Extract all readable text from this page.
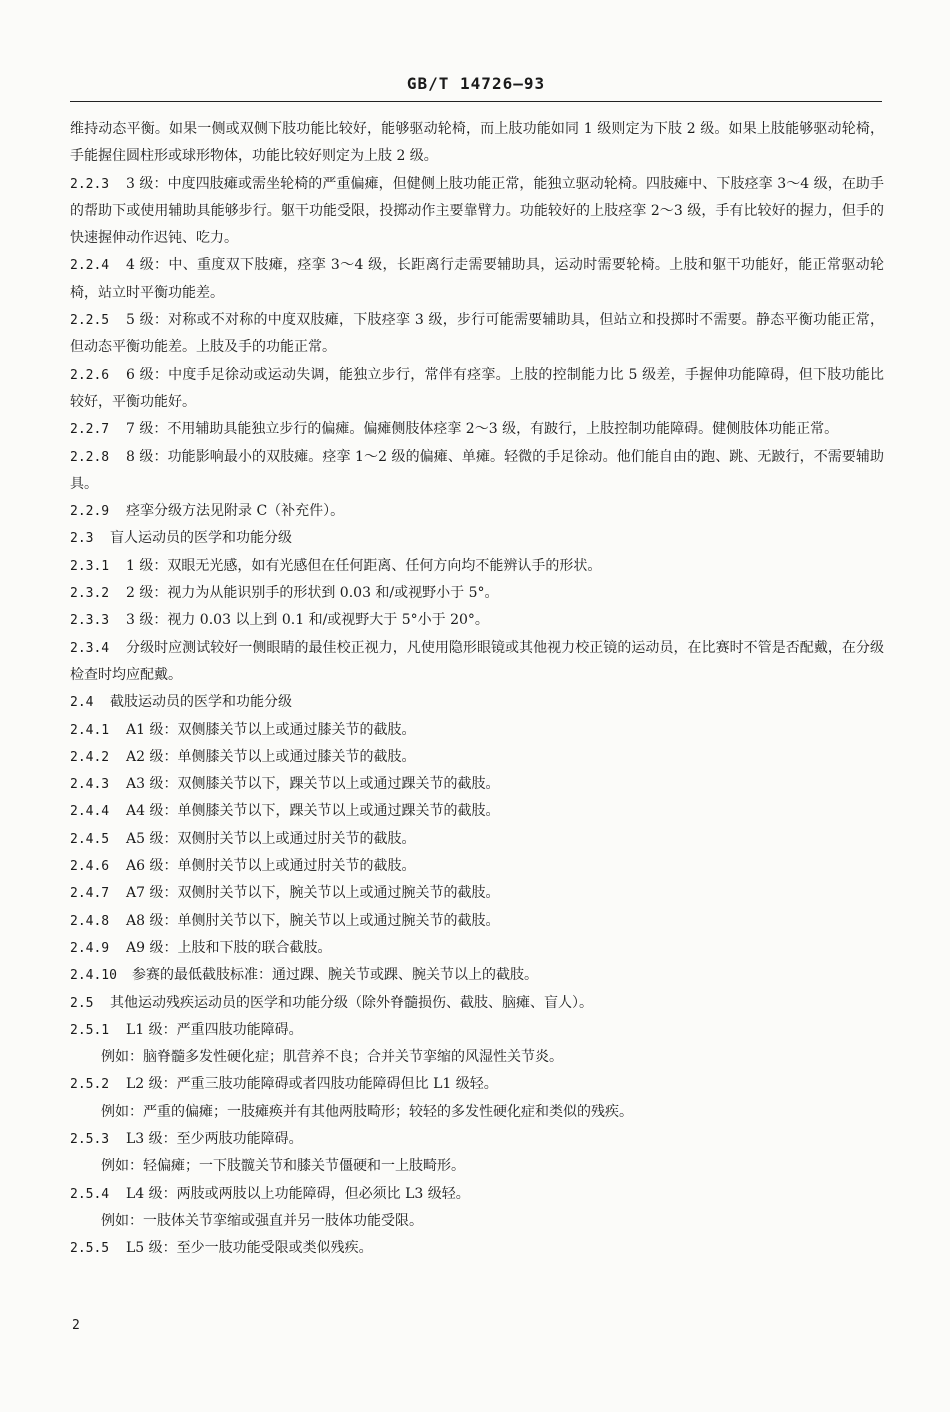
GB/T 14726—93
维持动态平衡。如果一侧或双侧下肢功能比较好，能够驱动轮椅，而上肢功能如同 1 级则定为下肢 2 级。如果上肢能够驱动轮椅，手能握住圆柱形或球形物体，功能比较好则定为上肢 2 级。
2.2.3 3 级：中度四肢瘫或需坐轮椅的严重偏瘫，但健侧上肢功能正常，能独立驱动轮椅。四肢瘫中、下肢痉挛 3～4 级，在助手的帮助下或使用辅助具能够步行。躯干功能受限，投掷动作主要靠臂力。功能较好的上肢痉挛 2～3 级，手有比较好的握力，但手的快速握伸动作迟钝、吃力。
2.2.4 4 级：中、重度双下肢瘫，痉挛 3～4 级，长距离行走需要辅助具，运动时需要轮椅。上肢和躯干功能好，能正常驱动轮椅，站立时平衡功能差。
2.2.5 5 级：对称或不对称的中度双肢瘫，下肢痉挛 3 级，步行可能需要辅助具，但站立和投掷时不需要。静态平衡功能正常，但动态平衡功能差。上肢及手的功能正常。
2.2.6 6 级：中度手足徐动或运动失调，能独立步行，常伴有痉挛。上肢的控制能力比 5 级差，手握伸功能障碍，但下肢功能比较好，平衡功能好。
2.2.7 7 级：不用辅助具能独立步行的偏瘫。偏瘫侧肢体痉挛 2～3 级，有跛行，上肢控制功能障碍。健侧肢体功能正常。
2.2.8 8 级：功能影响最小的双肢瘫。痉挛 1～2 级的偏瘫、单瘫。轻微的手足徐动。他们能自由的跑、跳、无跛行，不需要辅助具。
2.2.9 痉挛分级方法见附录 C（补充件）。
2.3 盲人运动员的医学和功能分级
2.3.1 1 级：双眼无光感，如有光感但在任何距离、任何方向均不能辨认手的形状。
2.3.2 2 级：视力为从能识别手的形状到 0.03 和/或视野小于 5°。
2.3.3 3 级：视力 0.03 以上到 0.1 和/或视野大于 5°小于 20°。
2.3.4 分级时应测试较好一侧眼睛的最佳校正视力，凡使用隐形眼镜或其他视力校正镜的运动员，在比赛时不管是否配戴，在分级检查时均应配戴。
2.4 截肢运动员的医学和功能分级
2.4.1 A1 级：双侧膝关节以上或通过膝关节的截肢。
2.4.2 A2 级：单侧膝关节以上或通过膝关节的截肢。
2.4.3 A3 级：双侧膝关节以下，踝关节以上或通过踝关节的截肢。
2.4.4 A4 级：单侧膝关节以下，踝关节以上或通过踝关节的截肢。
2.4.5 A5 级：双侧肘关节以上或通过肘关节的截肢。
2.4.6 A6 级：单侧肘关节以上或通过肘关节的截肢。
2.4.7 A7 级：双侧肘关节以下，腕关节以上或通过腕关节的截肢。
2.4.8 A8 级：单侧肘关节以下，腕关节以上或通过腕关节的截肢。
2.4.9 A9 级：上肢和下肢的联合截肢。
2.4.10 参赛的最低截肢标准：通过踝、腕关节或踝、腕关节以上的截肢。
2.5 其他运动残疾运动员的医学和功能分级（除外脊髓损伤、截肢、脑瘫、盲人）。
2.5.1 L1 级：严重四肢功能障碍。
例如：脑脊髓多发性硬化症；肌营养不良；合并关节挛缩的风湿性关节炎。
2.5.2 L2 级：严重三肢功能障碍或者四肢功能障碍但比 L1 级轻。
例如：严重的偏瘫；一肢瘫痪并有其他两肢畸形；较轻的多发性硬化症和类似的残疾。
2.5.3 L3 级：至少两肢功能障碍。
例如：轻偏瘫；一下肢髋关节和膝关节僵硬和一上肢畸形。
2.5.4 L4 级：两肢或两肢以上功能障碍，但必须比 L3 级轻。
例如：一肢体关节挛缩或强直并另一肢体功能受限。
2.5.5 L5 级：至少一肢功能受限或类似残疾。
2
